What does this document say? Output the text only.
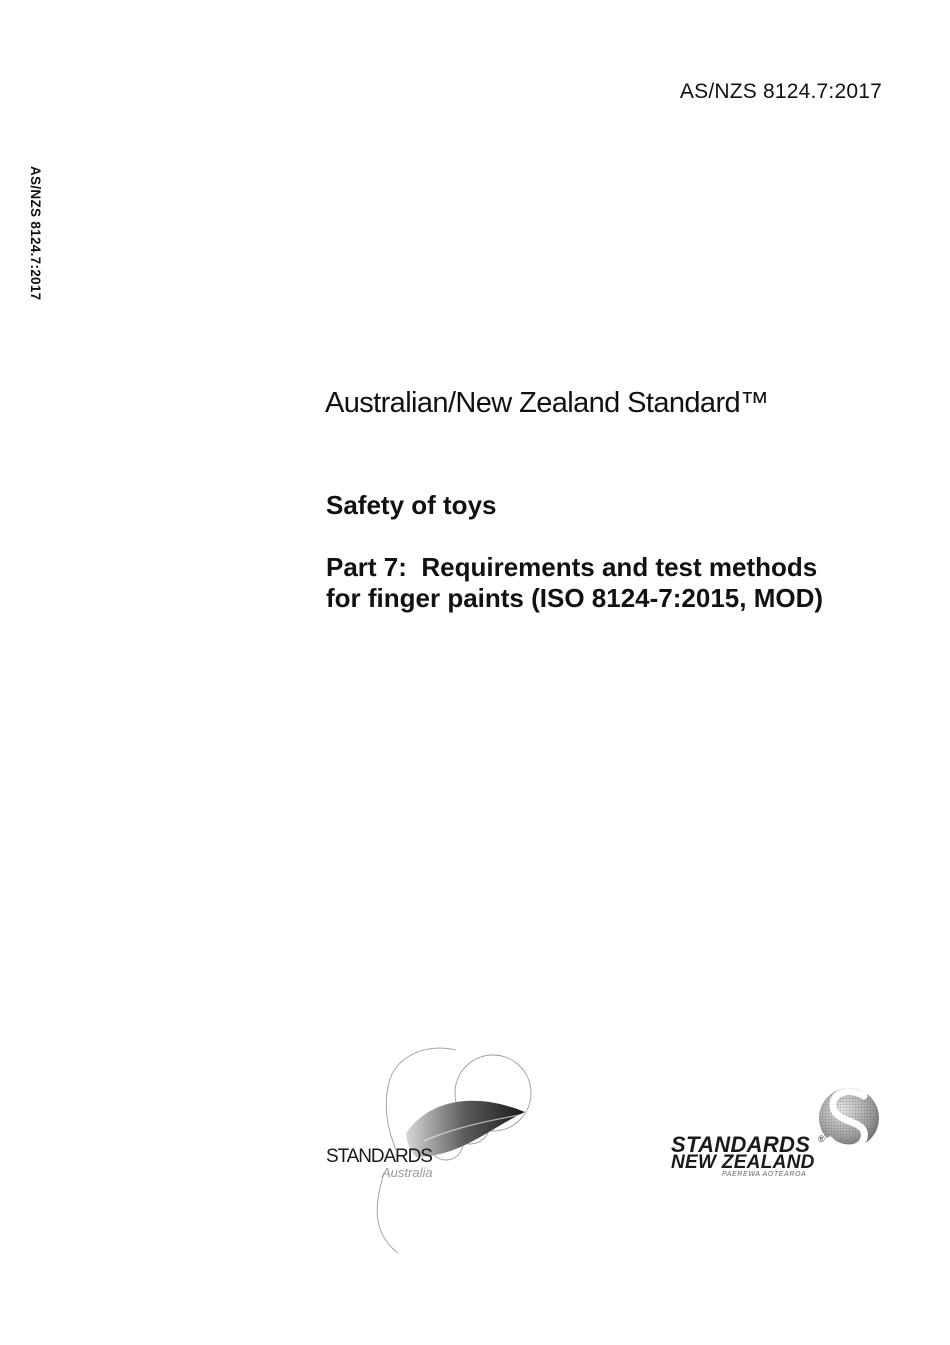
AS/NZS 8124.7:2017
AS/NZS 8124.7:2017
Australian/New Zealand Standard™
Safety of toys
Part 7:  Requirements and test methods
for finger paints (ISO 8124-7:2015, MOD)
STANDARDS
Australia
STANDARDS ®
NEW ZEALAND
PAEREWA AOTEAROA
